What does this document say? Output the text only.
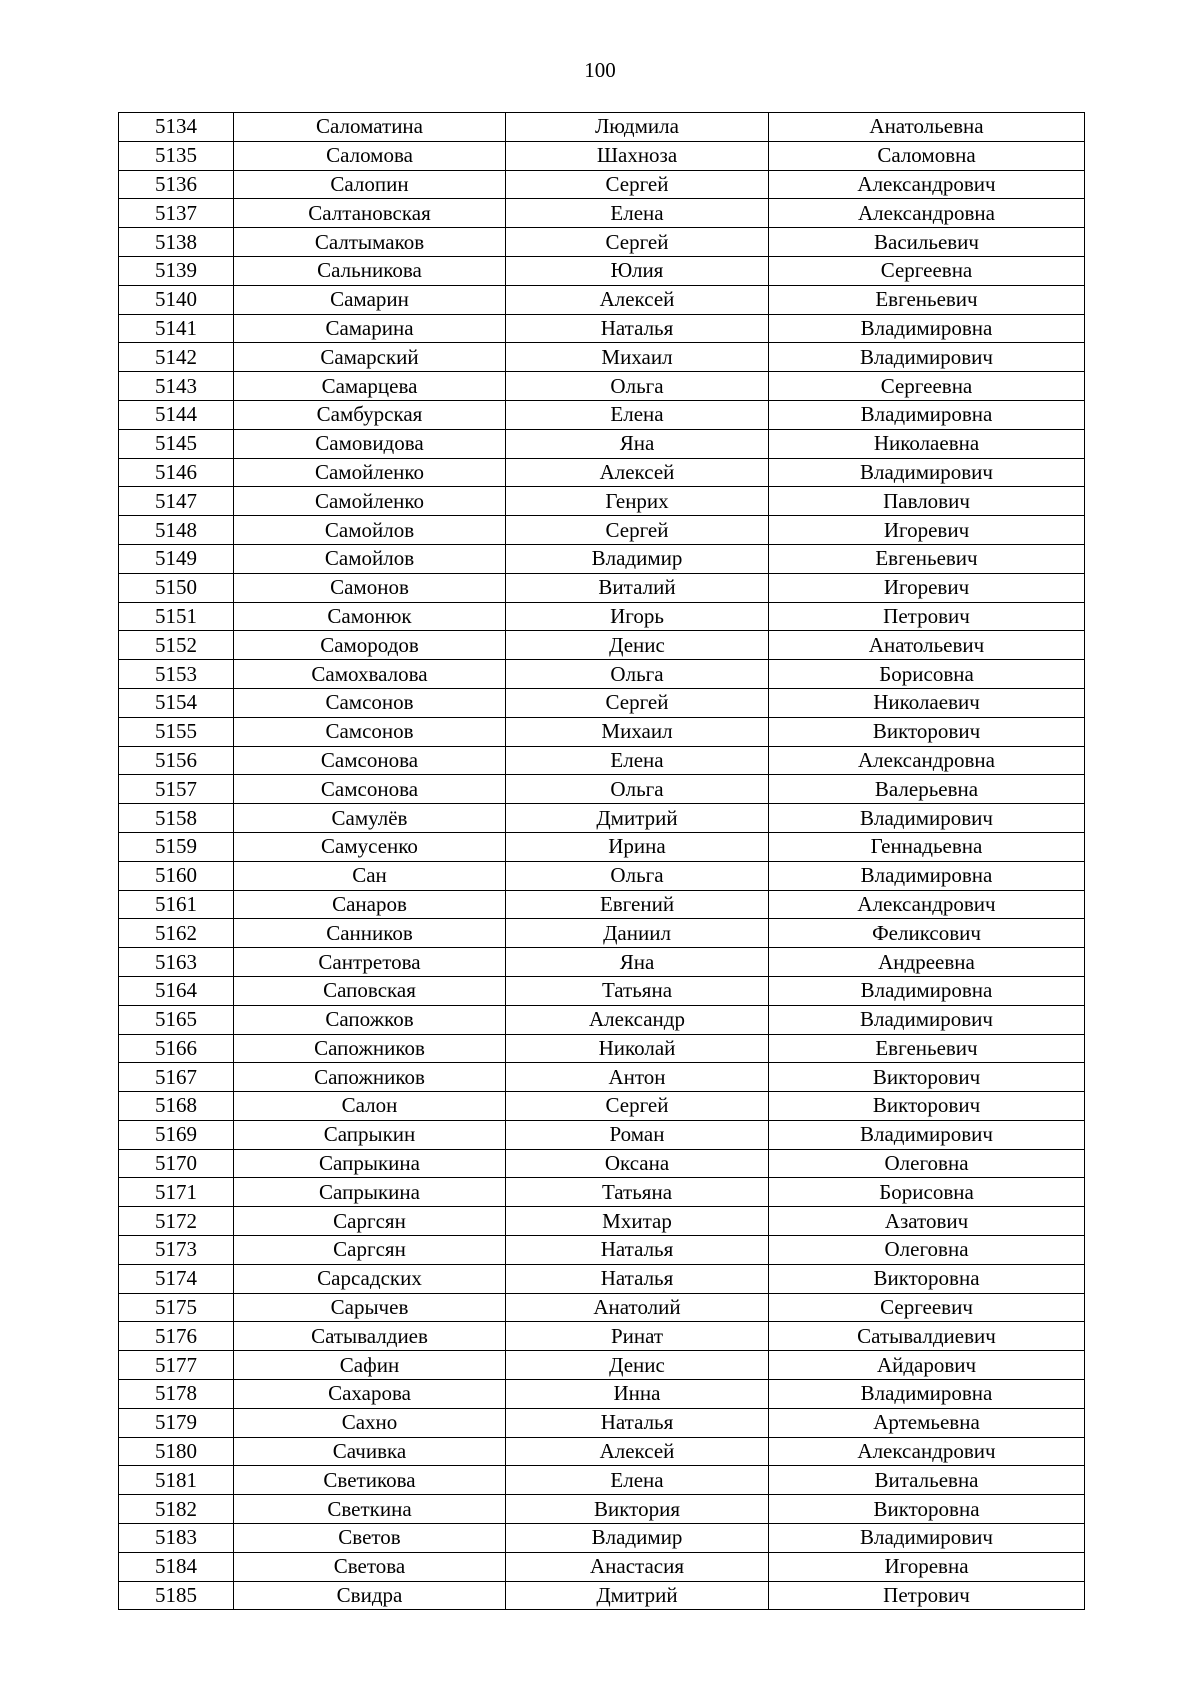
100
5134	Саломатина	Людмила	Анатольевна
5135	Саломова	Шахноза	Саломовна
5136	Салопин	Сергей	Александрович
5137	Салтановская	Елена	Александровна
5138	Салтымаков	Сергей	Васильевич
5139	Сальникова	Юлия	Сергеевна
5140	Самарин	Алексей	Евгеньевич
5141	Самарина	Наталья	Владимировна
5142	Самарский	Михаил	Владимирович
5143	Самарцева	Ольга	Сергеевна
5144	Самбурская	Елена	Владимировна
5145	Самовидова	Яна	Николаевна
5146	Самойленко	Алексей	Владимирович
5147	Самойленко	Генрих	Павлович
5148	Самойлов	Сергей	Игоревич
5149	Самойлов	Владимир	Евгеньевич
5150	Самонов	Виталий	Игоревич
5151	Самонюк	Игорь	Петрович
5152	Самородов	Денис	Анатольевич
5153	Самохвалова	Ольга	Борисовна
5154	Самсонов	Сергей	Николаевич
5155	Самсонов	Михаил	Викторович
5156	Самсонова	Елена	Александровна
5157	Самсонова	Ольга	Валерьевна
5158	Самулёв	Дмитрий	Владимирович
5159	Самусенко	Ирина	Геннадьевна
5160	Сан	Ольга	Владимировна
5161	Санаров	Евгений	Александрович
5162	Санников	Даниил	Феликсович
5163	Сантретова	Яна	Андреевна
5164	Саповская	Татьяна	Владимировна
5165	Сапожков	Александр	Владимирович
5166	Сапожников	Николай	Евгеньевич
5167	Сапожников	Антон	Викторович
5168	Салон	Сергей	Викторович
5169	Сапрыкин	Роман	Владимирович
5170	Сапрыкина	Оксана	Олеговна
5171	Сапрыкина	Татьяна	Борисовна
5172	Саргсян	Мхитар	Азатович
5173	Саргсян	Наталья	Олеговна
5174	Сарсадских	Наталья	Викторовна
5175	Сарычев	Анатолий	Сергеевич
5176	Сатывалдиев	Ринат	Сатывалдиевич
5177	Сафин	Денис	Айдарович
5178	Сахарова	Инна	Владимировна
5179	Сахно	Наталья	Артемьевна
5180	Сачивка	Алексей	Александрович
5181	Светикова	Елена	Витальевна
5182	Светкина	Виктория	Викторовна
5183	Светов	Владимир	Владимирович
5184	Светова	Анастасия	Игоревна
5185	Свидра	Дмитрий	Петрович
